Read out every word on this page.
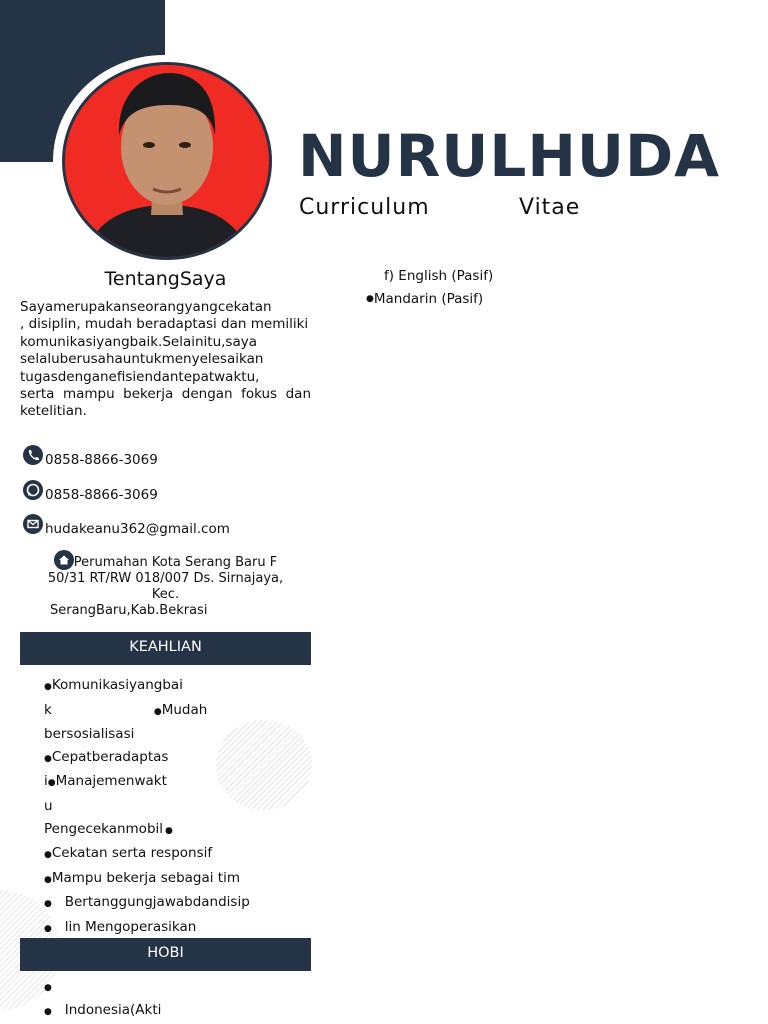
NURULHUDA
Curriculum	Vitae
TentangSaya
Sayamerupakanseorangyangcekatan
, disiplin, mudah beradaptasi dan memiliki
komunikasiyangbaik.Selainitu,saya
selaluberusahauntukmenyelesaikan
tugasdenganefisiendantepatwaktu,
serta mampu bekerja dengan fokus dan ketelitian.
0858-8866-3069
0858-8866-3069
hudakeanu362@gmail.com
Perumahan Kota Serang Baru F
50/31 RT/RW 018/007 Ds. Sirnajaya,
Kec.
SerangBaru,Kab.Bekrasi
KEAHLIAN
●Komunikasiyangbai
k	●Mudah
bersosialisasi
●Cepatberadaptas
i●Manajemenwakt
u
Pengecekanmobil ●
●Cekatan serta responsif
●Mampu bekerja sebagai tim
● Bertanggungjawabdandisip
● lin Mengoperasikan
HOBI
●
● Indonesia(Akti
f) English (Pasif)
●Mandarin (Pasif)
